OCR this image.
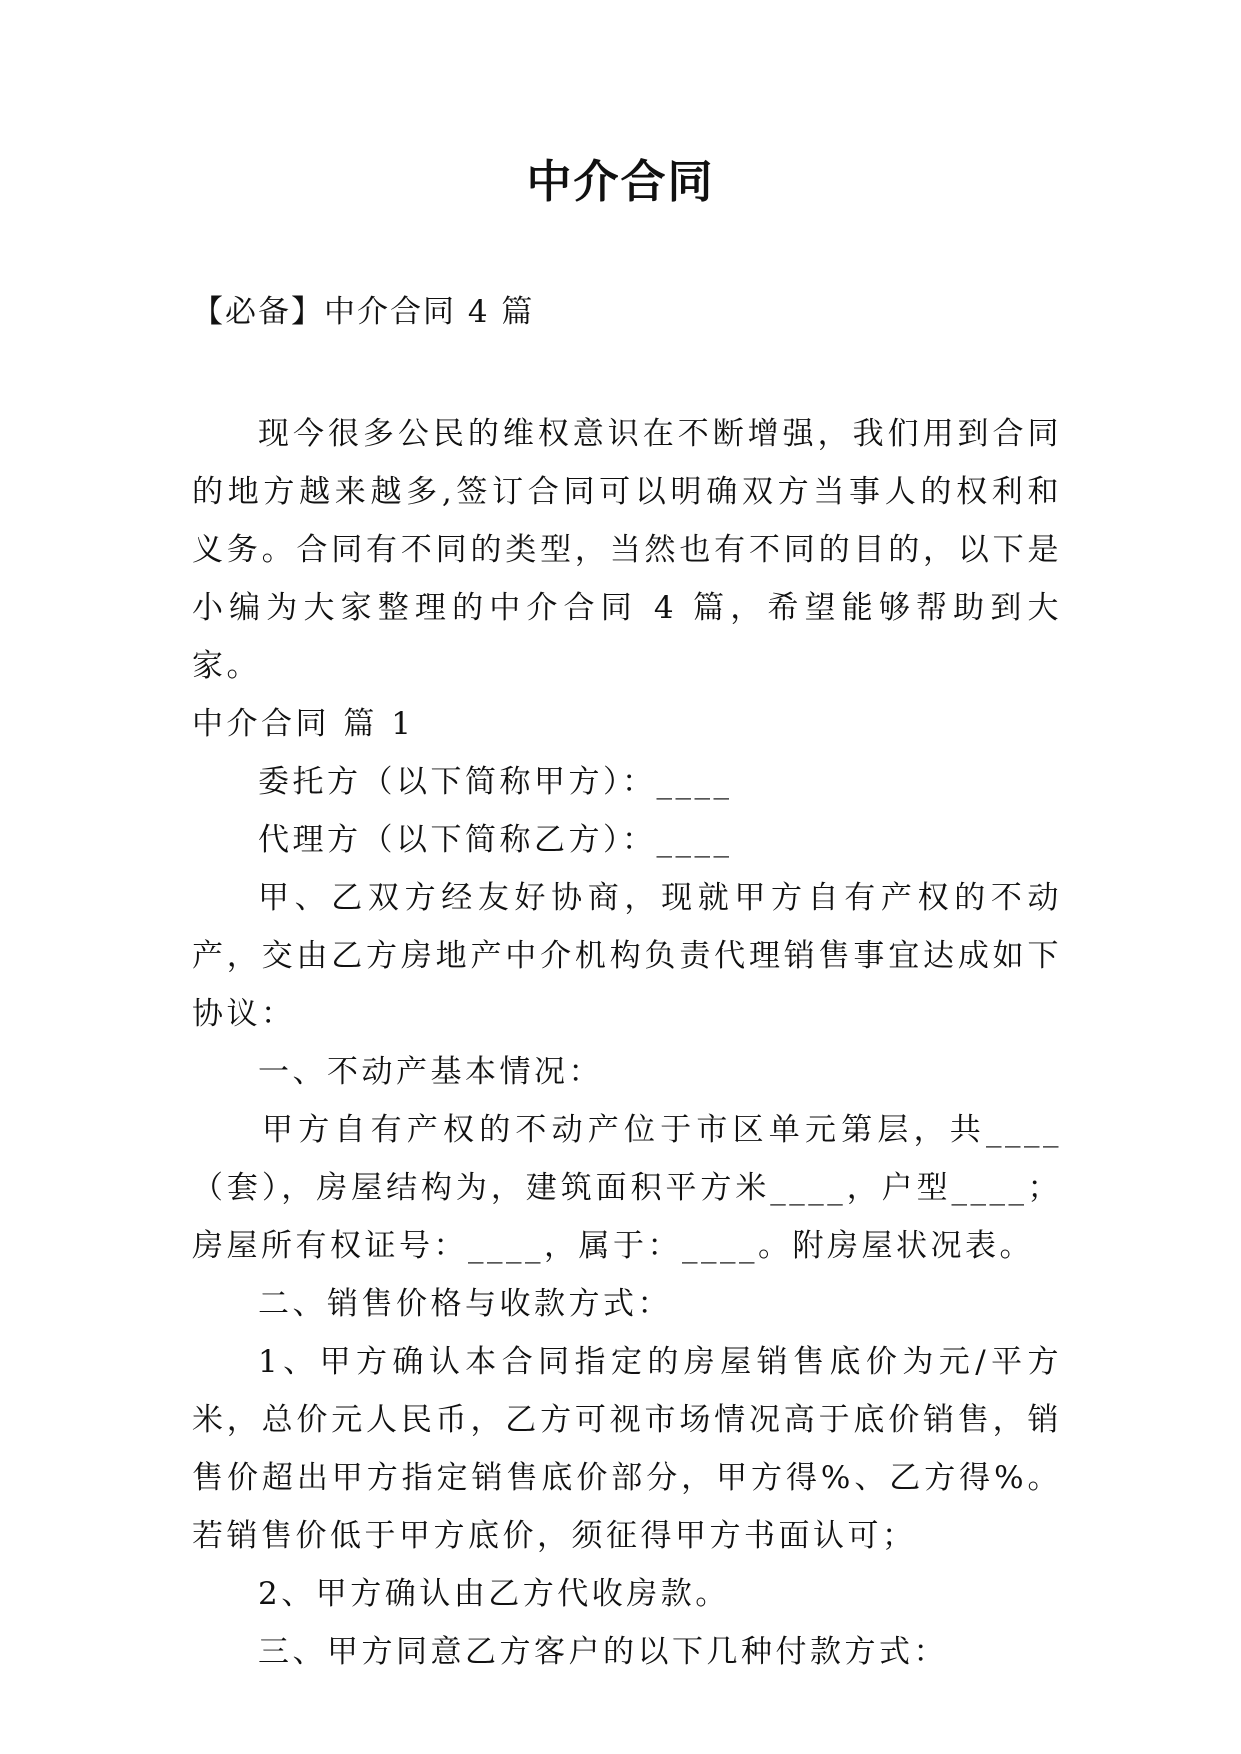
中介合同
【必备】中介合同 4 篇

现今很多公民的维权意识在不断增强，我们用到合同的地方越来越多,签订合同可以明确双方当事人的权利和义务。合同有不同的类型，当然也有不同的目的，以下是小编为大家整理的中介合同 4 篇，希望能够帮助到大家。

中介合同 篇 1

委托方（以下简称甲方）：____

代理方（以下简称乙方）：____

甲、乙双方经友好协商，现就甲方自有产权的不动产，交由乙方房地产中介机构负责代理销售事宜达成如下协议：

一、不动产基本情况：

甲方自有产权的不动产位于市区单元第层，共____（套），房屋结构为，建筑面积平方米____，户型____；房屋所有权证号：____，属于：____。附房屋状况表。

二、销售价格与收款方式：

1、甲方确认本合同指定的房屋销售底价为元/平方米，总价元人民币，乙方可视市场情况高于底价销售，销售价超出甲方指定销售底价部分，甲方得%、乙方得%。若销售价低于甲方底价，须征得甲方书面认可；

2、甲方确认由乙方代收房款。

三、甲方同意乙方客户的以下几种付款方式：
